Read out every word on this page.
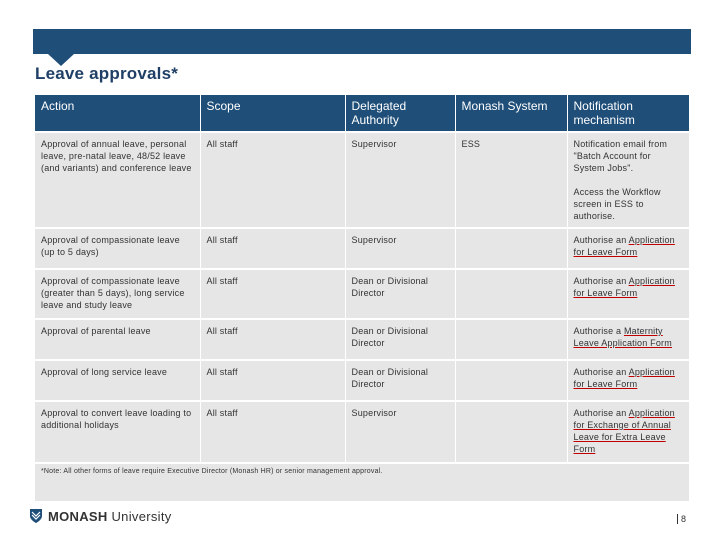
Leave approvals*
Action	Scope	Delegated Authority	Monash System	Notification mechanism
Approval of annual leave, personal leave, pre-natal leave, 48/52 leave (and variants) and conference leave	All staff	Supervisor	ESS	Notification email from "Batch Account for System Jobs".

Access the Workflow screen in ESS to authorise.

Approval of compassionate leave (up to 5 days)	All staff	Supervisor		Authorise an Application for Leave Form
Approval of compassionate leave (greater than 5 days), long service leave and study leave	All staff	Dean or Divisional Director		Authorise an Application for Leave Form
Approval of parental leave	All staff	Dean or Divisional Director		Authorise a Maternity Leave Application Form
Approval of long service leave	All staff	Dean or Divisional Director		Authorise an Application for Leave Form
Approval to convert leave loading to additional holidays	All staff	Supervisor		Authorise an Application for Exchange of Annual Leave for Extra Leave Form
*Note: All other forms of leave require Executive Director (Monash HR) or senior management approval.				
MONASH University	8
